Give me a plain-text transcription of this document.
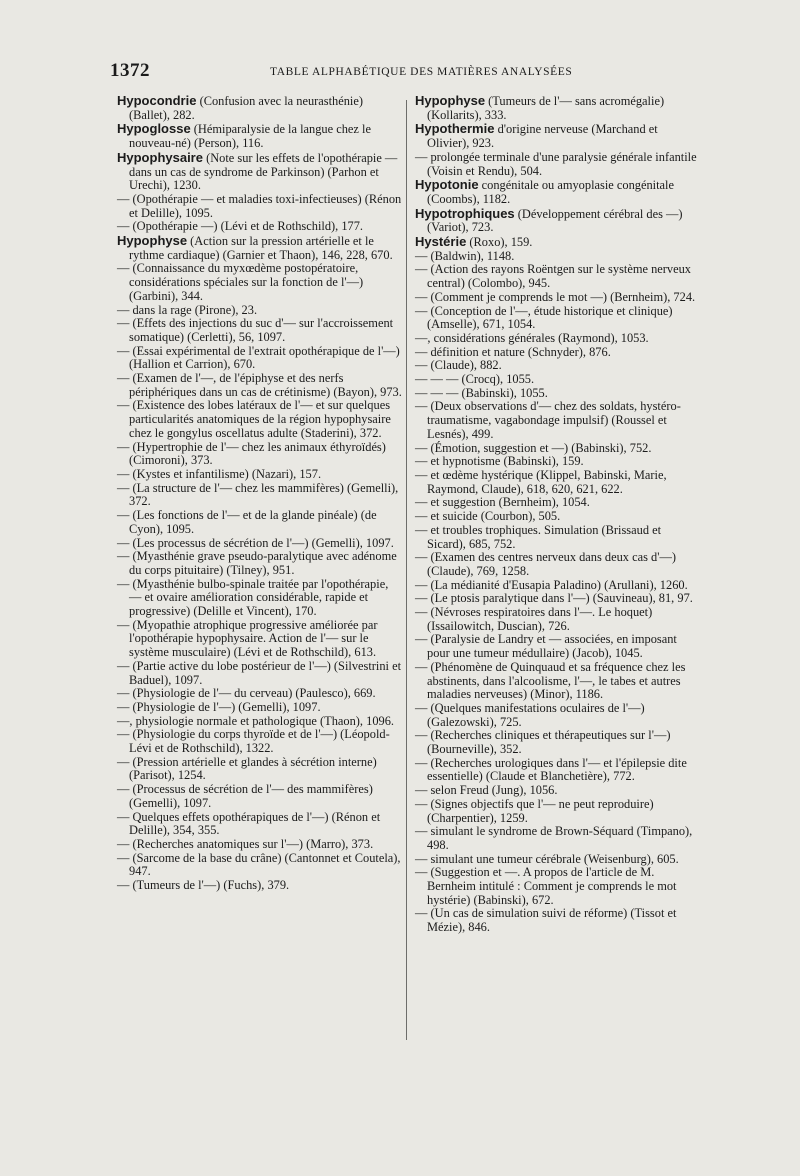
1372	TABLE ALPHABÉTIQUE DES MATIÈRES ANALYSÉES

Hypocondrie (Confusion avec la neurasthénie) (Ballet), 282.

Hypoglosse (Hémiparalysie de la langue chez le nouveau-né) (Person), 116.

Hypophysaire (Note sur les effets de l'opothérapie — dans un cas de syndrome de Parkinson) (Parhon et Urechi), 1230.

— (Opothérapie — et maladies toxi-infectieuses) (Rénon et Delille), 1095.

— (Opothérapie —) (Lévi et de Rothschild), 177.

Hypophyse (Action sur la pression artérielle et le rythme cardiaque) (Garnier et Thaon), 146, 228, 670.

— (Connaissance du myxœdème postopératoire, considérations spéciales sur la fonction de l'—) (Garbini), 344.

— dans la rage (Pirone), 23.

— (Effets des injections du suc d'— sur l'accroissement somatique) (Cerletti), 56, 1097.

— (Essai expérimental de l'extrait opothérapique de l'—) (Hallion et Carrion), 670.

— (Examen de l'—, de l'épiphyse et des nerfs périphériques dans un cas de crétinisme) (Bayon), 973.

— (Existence des lobes latéraux de l'— et sur quelques particularités anatomiques de la région hypophysaire chez le gongylus oscellatus adulte (Staderini), 372.

— (Hypertrophie de l'— chez les animaux éthyroïdés) (Cimoroni), 373.

— (Kystes et infantilisme) (Nazari), 157.

— (La structure de l'— chez les mammifères) (Gemelli), 372.

— (Les fonctions de l'— et de la glande pinéale) (de Cyon), 1095.

— (Les processus de sécrétion de l'—) (Gemelli), 1097.

— (Myasthénie grave pseudo-paralytique avec adénome du corps pituitaire) (Tilney), 951.

— (Myasthénie bulbo-spinale traitée par l'opothérapie, — et ovaire amélioration considérable, rapide et progressive) (Delille et Vincent), 170.

— (Myopathie atrophique progressive améliorée par l'opothérapie hypophysaire. Action de l'— sur le système musculaire) (Lévi et de Rothschild), 613.

— (Partie active du lobe postérieur de l'—) (Silvestrini et Baduel), 1097.

— (Physiologie de l'— du cerveau) (Paulesco), 669.

— (Physiologie de l'—) (Gemelli), 1097.

—, physiologie normale et pathologique (Thaon), 1096.

— (Physiologie du corps thyroïde et de l'—) (Léopold-Lévi et de Rothschild), 1322.

— (Pression artérielle et glandes à sécrétion interne) (Parisot), 1254.

— (Processus de sécrétion de l'— des mammifères) (Gemelli), 1097.

— Quelques effets opothérapiques de l'—) (Rénon et Delille), 354, 355.

— (Recherches anatomiques sur l'—) (Marro), 373.

— (Sarcome de la base du crâne) (Cantonnet et Coutela), 947.

— (Tumeurs de l'—) (Fuchs), 379.

Hypophyse (Tumeurs de l'— sans acromégalie) (Kollarits), 333.

Hypothermie d'origine nerveuse (Marchand et Olivier), 923.

— prolongée terminale d'une paralysie générale infantile (Voisin et Rendu), 504.

Hypotonie congénitale ou amyoplasie congénitale (Coombs), 1182.

Hypotrophiques (Développement cérébral des —) (Variot), 723.

Hystérie (Roxo), 159.

— (Baldwin), 1148.

— (Action des rayons Roëntgen sur le système nerveux central) (Colombo), 945.

— (Comment je comprends le mot —) (Bernheim), 724.

— (Conception de l'—, étude historique et clinique) (Amselle), 671, 1054.

—, considérations générales (Raymond), 1053.

— définition et nature (Schnyder), 876.

— (Claude), 882.

— — — (Crocq), 1055.

— — — (Babinski), 1055.

— (Deux observations d'— chez des soldats, hystéro-traumatisme, vagabondage impulsif) (Roussel et Lesnés), 499.

— (Émotion, suggestion et —) (Babinski), 752.

— et hypnotisme (Babinski), 159.

— et œdème hystérique (Klippel, Babinski, Marie, Raymond, Claude), 618, 620, 621, 622.

— et suggestion (Bernheim), 1054.

— et suicide (Courbon), 505.

— et troubles trophiques. Simulation (Brissaud et Sicard), 685, 752.

— (Examen des centres nerveux dans deux cas d'—) (Claude), 769, 1258.

— (La médianité d'Eusapia Paladino) (Arullani), 1260.

— (Le ptosis paralytique dans l'—) (Sauvineau), 81, 97.

— (Névroses respiratoires dans l'—. Le hoquet) (Issailowitch, Duscian), 726.

— (Paralysie de Landry et — associées, en imposant pour une tumeur médullaire) (Jacob), 1045.

— (Phénomène de Quinquaud et sa fréquence chez les abstinents, dans l'alcoolisme, l'—, le tabes et autres maladies nerveuses) (Minor), 1186.

— (Quelques manifestations oculaires de l'—) (Galezowski), 725.

— (Recherches cliniques et thérapeutiques sur l'—) (Bourneville), 352.

— (Recherches urologiques dans l'— et l'épilepsie dite essentielle) (Claude et Blanchetière), 772.

— selon Freud (Jung), 1056.

— (Signes objectifs que l'— ne peut reproduire) (Charpentier), 1259.

— simulant le syndrome de Brown-Séquard (Timpano), 498.

— simulant une tumeur cérébrale (Weisenburg), 605.

— (Suggestion et —. A propos de l'article de M. Bernheim intitulé : Comment je comprends le mot hystérie) (Babinski), 672.

— (Un cas de simulation suivi de réforme) (Tissot et Mézie), 846.
